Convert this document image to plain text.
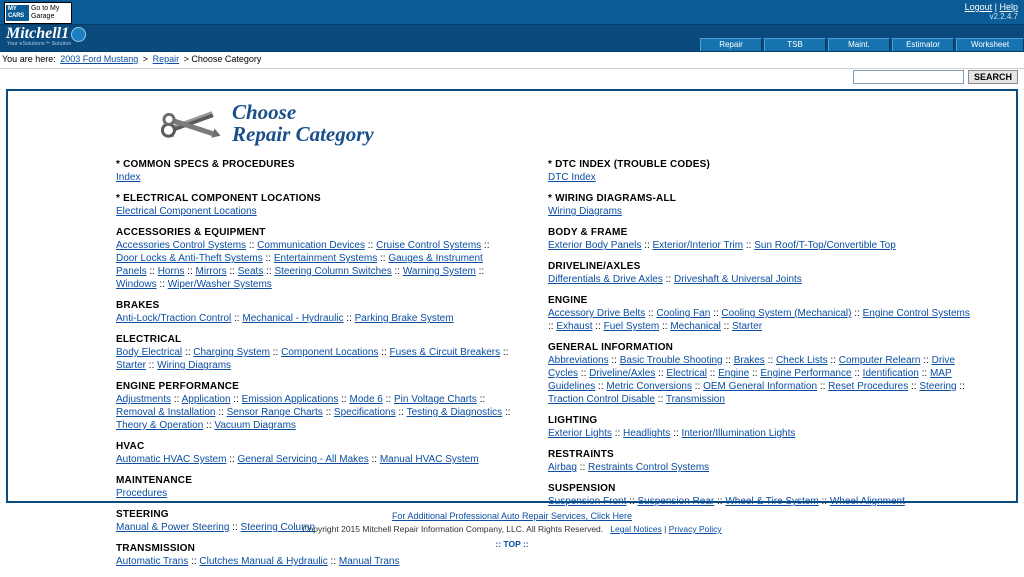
MY CARS
Go to My Garage
Logout | Help
v2.2.4.7
Mitchell1
Your eSolutions™ Solution	Repair	TSB	Maint.	Estimator	Worksheet
You are here: 2003 Ford Mustang > Repair > Choose Category
SEARCH
Choose
Repair Category
* COMMON SPECS & PROCEDURES
Index
* ELECTRICAL COMPONENT LOCATIONS
Electrical Component Locations
ACCESSORIES & EQUIPMENT
Accessories Control Systems :: Communication Devices :: Cruise Control Systems :: Door Locks & Anti-Theft Systems :: Entertainment Systems :: Gauges & Instrument Panels :: Horns :: Mirrors :: Seats :: Steering Column Switches :: Warning System :: Windows :: Wiper/Washer Systems
BRAKES
Anti-Lock/Traction Control :: Mechanical - Hydraulic :: Parking Brake System
ELECTRICAL
Body Electrical :: Charging System :: Component Locations :: Fuses & Circuit Breakers :: Starter :: Wiring Diagrams
ENGINE PERFORMANCE
Adjustments :: Application :: Emission Applications :: Mode 6 :: Pin Voltage Charts :: Removal & Installation :: Sensor Range Charts :: Specifications :: Testing & Diagnostics :: Theory & Operation :: Vacuum Diagrams
HVAC
Automatic HVAC System :: General Servicing - All Makes :: Manual HVAC System
MAINTENANCE
Procedures
STEERING
Manual & Power Steering :: Steering Column
TRANSMISSION
Automatic Trans :: Clutches Manual & Hydraulic :: Manual Trans
* DTC INDEX (TROUBLE CODES)
DTC Index
* WIRING DIAGRAMS-ALL
Wiring Diagrams
BODY & FRAME
Exterior Body Panels :: Exterior/Interior Trim :: Sun Roof/T-Top/Convertible Top
DRIVELINE/AXLES
Differentials & Drive Axles :: Driveshaft & Universal Joints
ENGINE
Accessory Drive Belts :: Cooling Fan :: Cooling System (Mechanical) :: Engine Control Systems :: Exhaust :: Fuel System :: Mechanical :: Starter
GENERAL INFORMATION
Abbreviations :: Basic Trouble Shooting :: Brakes :: Check Lists :: Computer Relearn :: Drive Cycles :: Driveline/Axles :: Electrical :: Engine :: Engine Performance :: Identification :: MAP Guidelines :: Metric Conversions :: OEM General Information :: Reset Procedures :: Steering :: Traction Control Disable :: Transmission
LIGHTING
Exterior Lights :: Headlights :: Interior/Illumination Lights
RESTRAINTS
Airbag :: Restraints Control Systems
SUSPENSION
Suspension Front :: Suspension Rear :: Wheel & Tire System :: Wheel Alignment
For Additional Professional Auto Repair Services, Click Here
Copyright 2015 Mitchell Repair Information Company, LLC. All Rights Reserved. Legal Notices | Privacy Policy
:: TOP ::
